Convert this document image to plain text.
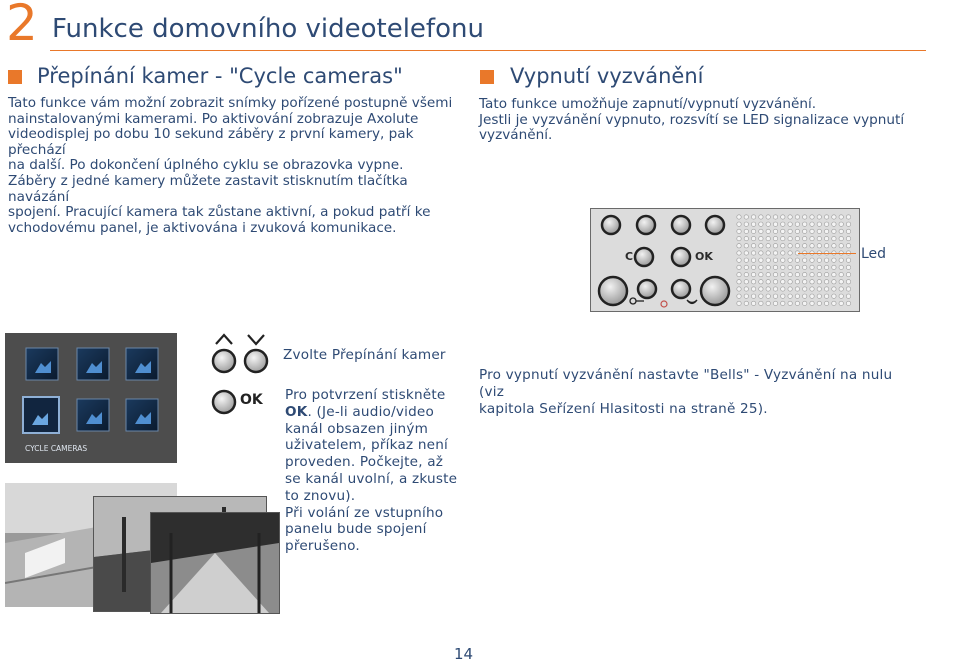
2 Funkce domovního videotelefonu
Přepínání kamer - "Cycle cameras"
Tato funkce vám možní zobrazit snímky pořízené postupně všemi
nainstalovanými kamerami. Po aktivování zobrazuje Axolute
videodisplej po dobu 10 sekund záběry z první kamery, pak přechází
na další. Po dokončení úplného cyklu se obrazovka vypne.
Záběry z jedné kamery můžete zastavit stisknutím tlačítka navázání
spojení. Pracující kamera tak zůstane aktivní, a pokud patří ke
vchodovému panel, je aktivována i zvuková komunikace.
Vypnutí vyzvánění
Tato funkce umožňuje zapnutí/vypnutí vyzvánění.
Jestli je vyzvánění vypnuto, rozsvítí se LED signalizace vypnutí
vyzvánění.
C	OK	Led
CYCLE CAMERAS
OK
Zvolte Přepínání kamer
Pro potvrzení stiskněte
OK. (Je-li audio/video
kanál obsazen jiným
uživatelem, příkaz není
proveden. Počkejte, až
se kanál uvolní, a zkuste
to znovu).
Při volání ze vstupního
panelu bude spojení
přerušeno.
Pro vypnutí vyzvánění nastavte "Bells" - Vyzvánění na nulu (viz
kapitola Seřízení Hlasitosti na straně 25).
14
